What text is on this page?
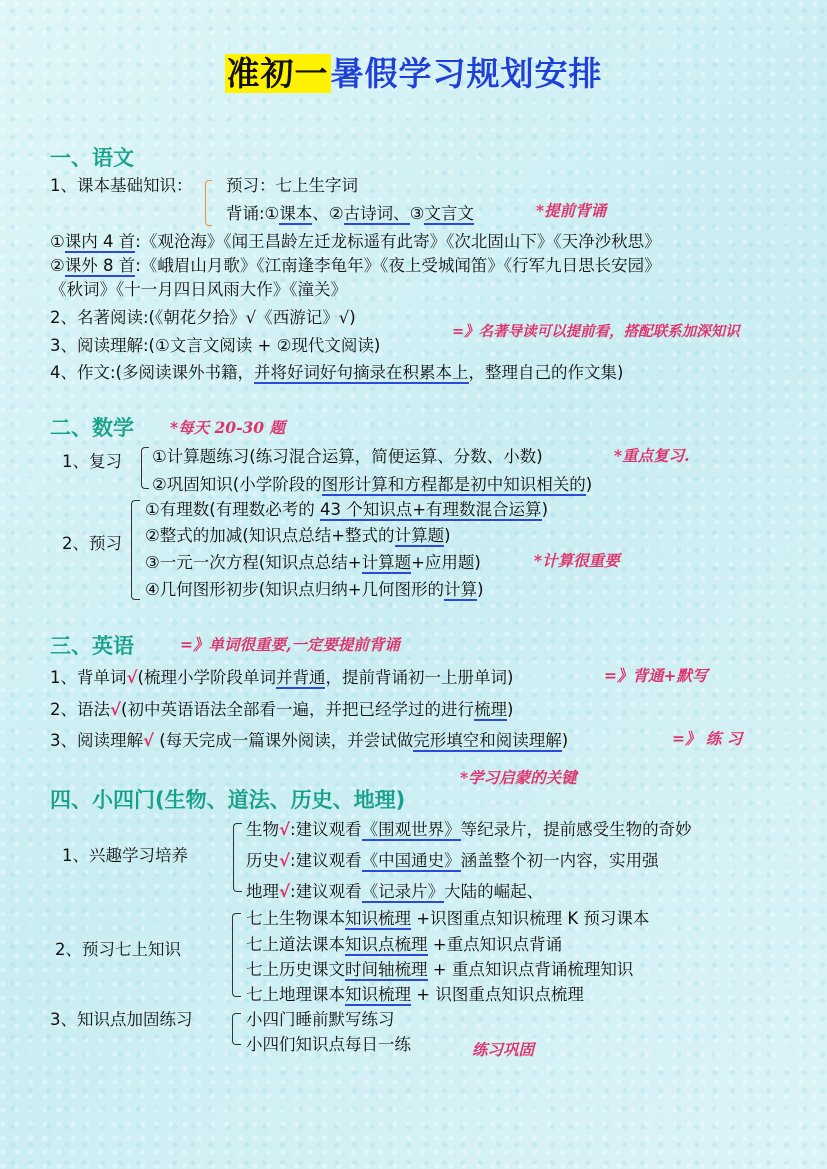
准初一暑假学习规划安排
一、语文
1、课本基础知识： 预习：七上生字词
背诵:①课本、②古诗词、③文言文	*提前背诵
①课内 4 首:《观沧海》《闻王昌龄左迁龙标遥有此寄》《次北固山下》《天净沙秋思》
②课外 8 首:《峨眉山月歌》《江南逢李龟年》《夜上受城闻笛》《行军九日思长安园》
《秋词》《十一月四日风雨大作》《潼关》
2、名著阅读:(《朝花夕拾》√《西游记》√)
3、阅读理解:(①文言文阅读 + ②现代文阅读)
=》名著导读可以提前看，搭配联系加深知识
4、作文:(多阅读课外书籍，并将好词好句摘录在积累本上，整理自己的作文集)
二、数学 *每天 20-30 题
1、复习 ①计算题练习(练习混合运算，简便运算、分数、小数)	*重点复习.
②巩固知识(小学阶段的图形计算和方程都是初中知识相关的)
2、预习
①有理数(有理数必考的 43 个知识点+有理数混合运算)
②整式的加减(知识点总结+整式的计算题)
③一元一次方程(知识点总结+计算题+应用题)	*计算很重要
④几何图形初步(知识点归纳+几何图形的计算)
三、英语	=》单词很重要,一定要提前背诵
1、背单词√(梳理小学阶段单词并背通，提前背诵初一上册单词)	=》背通+默写
2、语法√(初中英语语法全部看一遍，并把已经学过的进行梳理)
3、阅读理解√ (每天完成一篇课外阅读，并尝试做完形填空和阅读理解)	=》 练 习
*学习启蒙的关键
四、小四门(生物、道法、历史、地理)
1、兴趣学习培养
生物√:建议观看《围观世界》等纪录片，提前感受生物的奇妙
历史√:建议观看《中国通史》涵盖整个初一内容，实用强
地理√:建议观看《记录片》大陆的崛起、
2、预习七上知识
七上生物课本知识梳理 +识图重点知识梳理 K 预习课本
七上道法课本知识点梳理 +重点知识点背诵
七上历史课文时间轴梳理 + 重点知识点背诵梳理知识
七上地理课本知识梳理 + 识图重点知识点梳理
3、知识点加固练习	小四门睡前默写练习
小四们知识点每日一练	练习巩固
